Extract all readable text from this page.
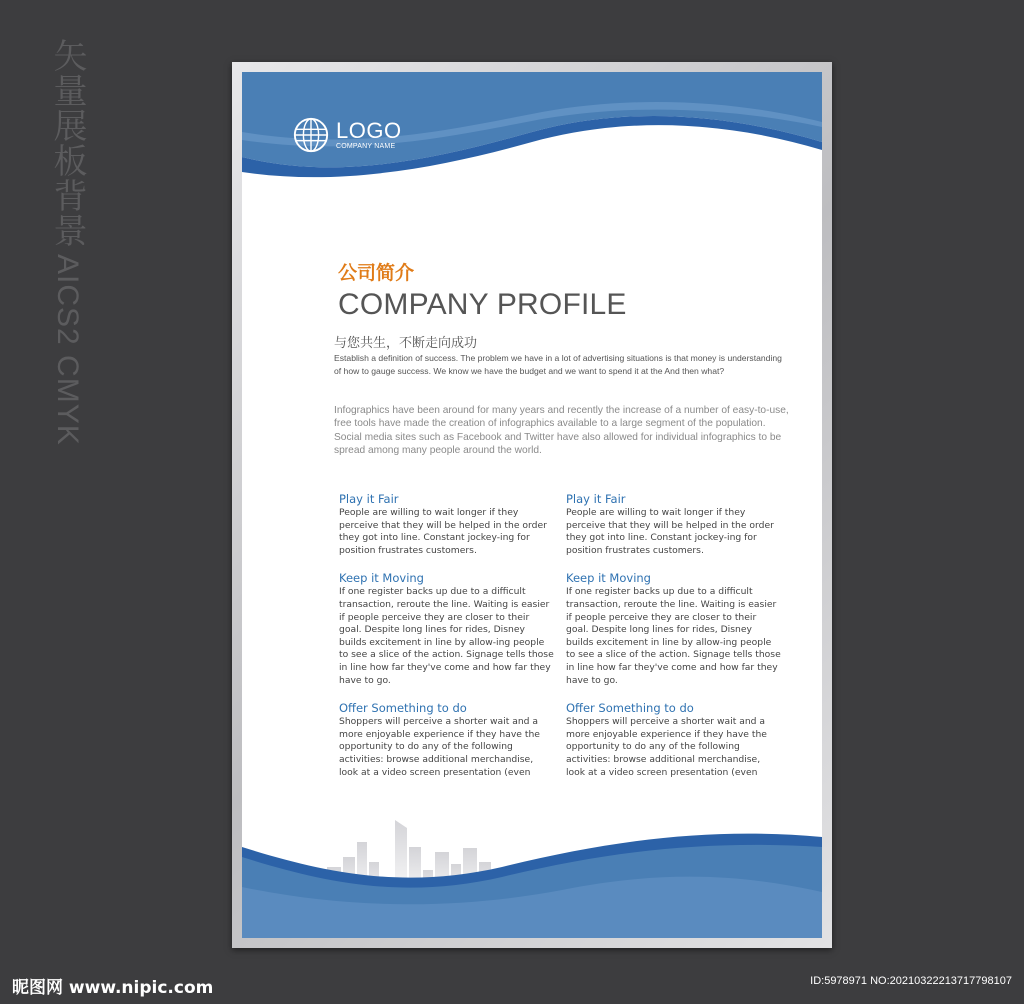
矢量展板背景 AICS2 CMYK
LOGO
COMPANY NAME
公司简介
COMPANY PROFILE
与您共生，不断走向成功
Establish a definition of success. The problem we have in a lot of advertising situations is that money is understanding of how to gauge success. We know we have the budget and we want to spend it at the And then what?
Infographics have been around for many years and recently the increase of a number of easy-to-use, free tools have made the creation of infographics available to a large segment of the population. Social media sites such as Facebook and Twitter have also allowed for individual infographics to be spread among many people around the world.
Play it Fair
People are willing to wait longer if they perceive that they will be helped in the order they got into line. Constant jockey-ing for position frustrates customers.
Keep it Moving
If one register backs up due to a difficult transaction, reroute the line. Waiting is easier if people perceive they are closer to their goal. Despite long lines for rides, Disney builds excitement in line by allow-ing people to see a slice of the action. Signage tells those in line how far they've come and how far they have to go.
Offer Something to do
Shoppers will perceive a shorter wait and a more enjoyable experience if they have the opportunity to do any of the following activities: browse additional merchandise, look at a video screen presentation (even
Play it Fair
People are willing to wait longer if they perceive that they will be helped in the order they got into line. Constant jockey-ing for position frustrates customers.
Keep it Moving
If one register backs up due to a difficult transaction, reroute the line. Waiting is easier if people perceive they are closer to their goal. Despite long lines for rides, Disney builds excitement in line by allow-ing people to see a slice of the action. Signage tells those in line how far they've come and how far they have to go.
Offer Something to do
Shoppers will perceive a shorter wait and a more enjoyable experience if they have the opportunity to do any of the following activities: browse additional merchandise, look at a video screen presentation (even
昵图网 www.nipic.com	ID:5978971 NO:20210322213717798107
